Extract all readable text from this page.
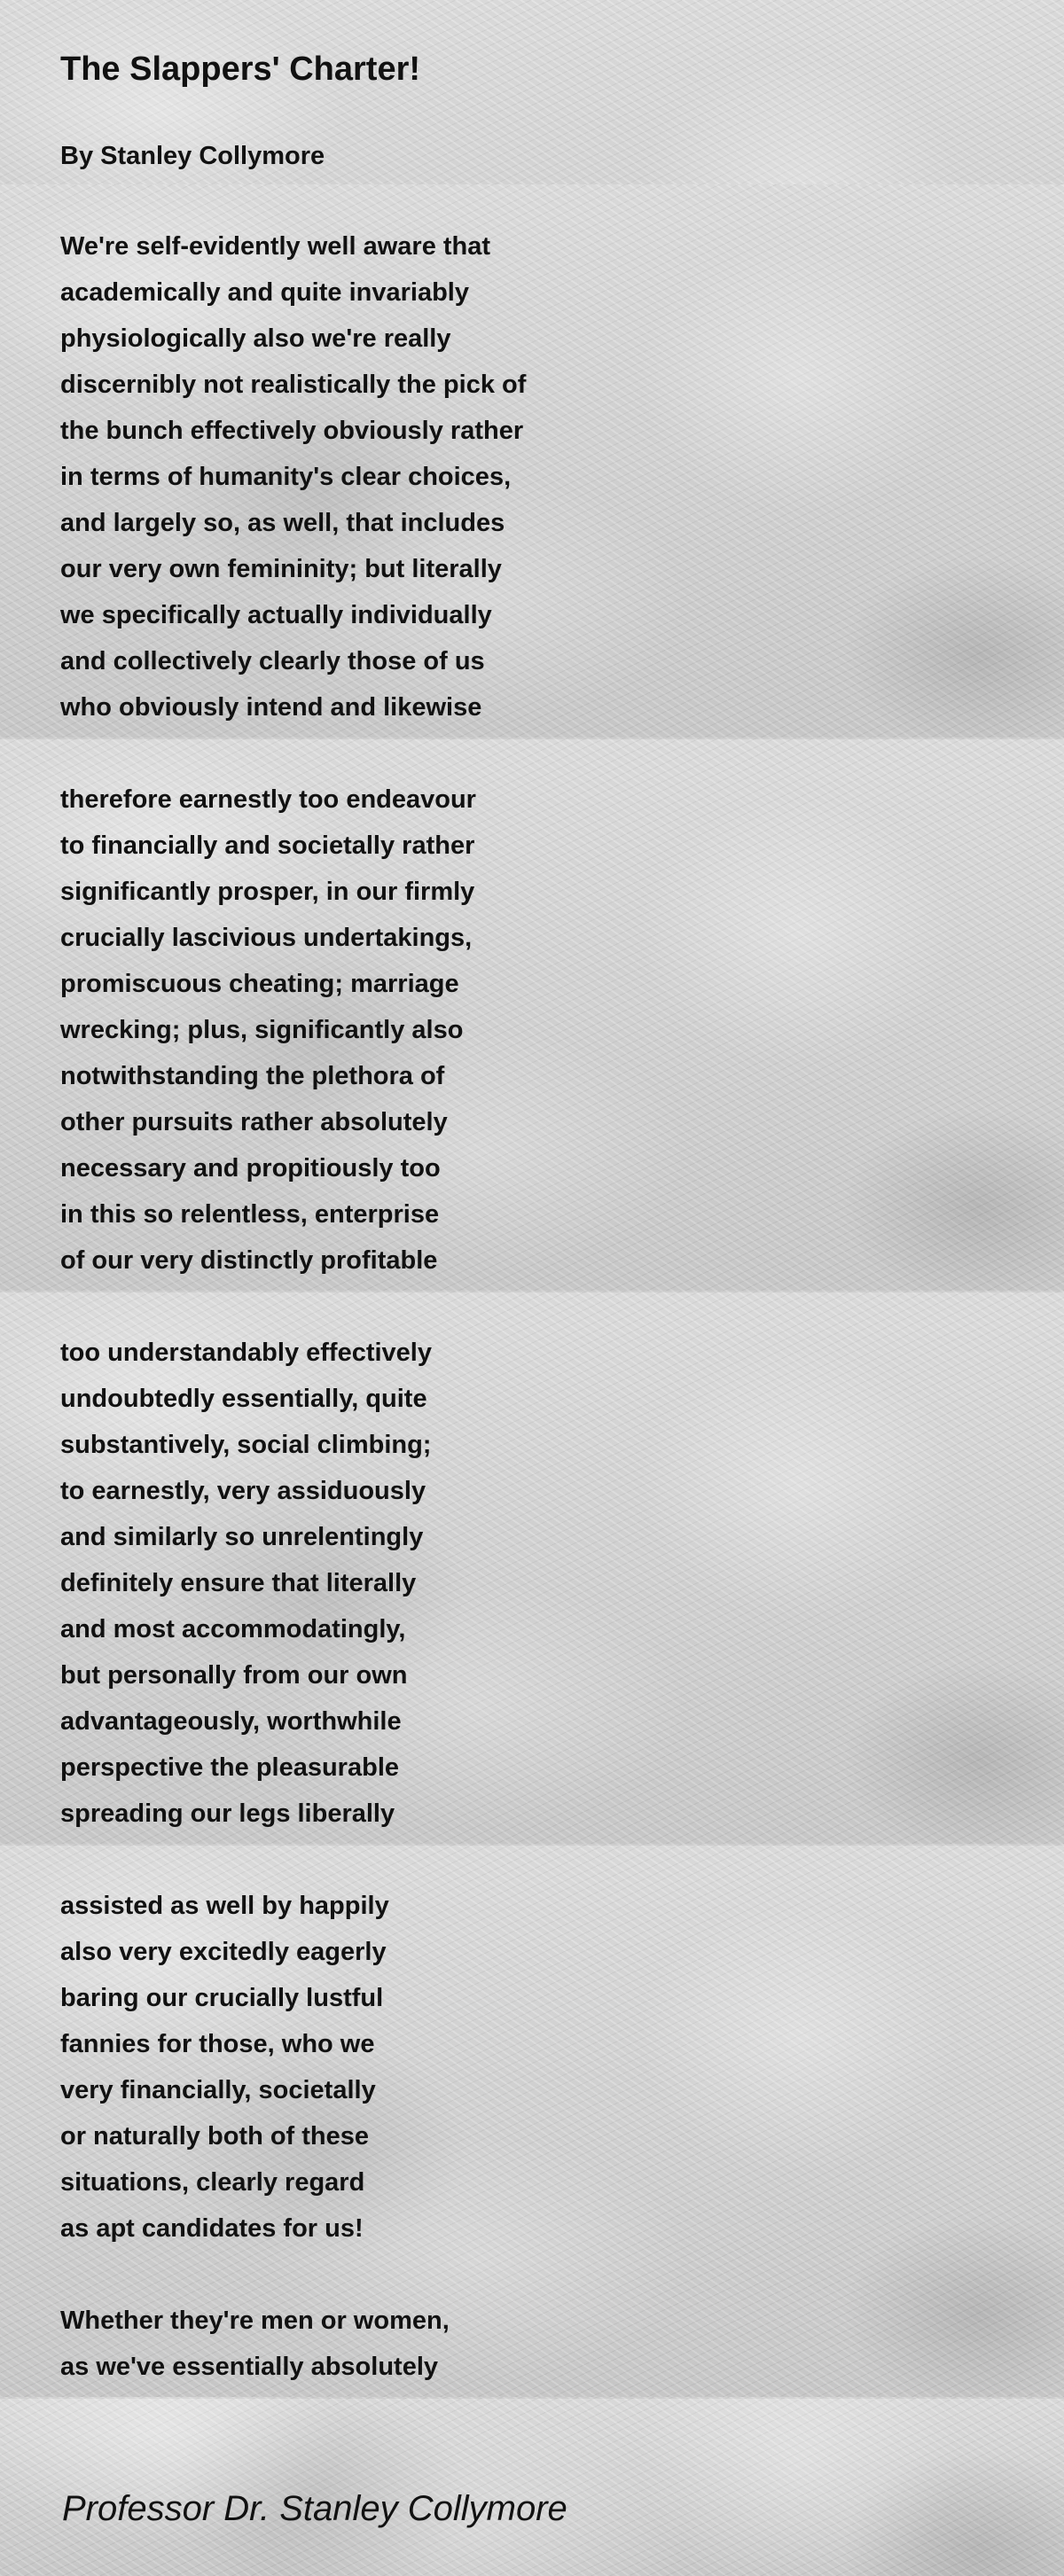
The Slappers' Charter!

By Stanley Collymore

We're self-evidently well aware that
academically and quite invariably
physiologically also we're really
discernibly not realistically the pick of
the bunch effectively obviously rather
in terms of humanity's clear choices,
and largely so, as well, that includes
our very own femininity; but literally
we specifically actually individually
and collectively clearly those of us
who obviously intend and likewise
therefore earnestly too endeavour
to financially and societally rather
significantly prosper, in our firmly
crucially lascivious undertakings,
promiscuous cheating; marriage
wrecking; plus, significantly also
notwithstanding the plethora of
other pursuits rather absolutely
necessary and propitiously too
in this so relentless, enterprise
of our very distinctly profitable
too understandably effectively
undoubtedly essentially, quite
substantively, social climbing;
to earnestly, very assiduously
and similarly so unrelentingly
definitely ensure that literally
and most accommodatingly,
but personally from our own
advantageously, worthwhile
perspective the pleasurable
spreading our legs liberally
assisted as well by happily
also very excitedly eagerly
baring our crucially lustful
fannies for those, who we
very financially, societally
or naturally both of these
situations, clearly regard
as apt candidates for us!
Whether they're men or women,
as we've essentially absolutely

Professor Dr. Stanley Collymore
